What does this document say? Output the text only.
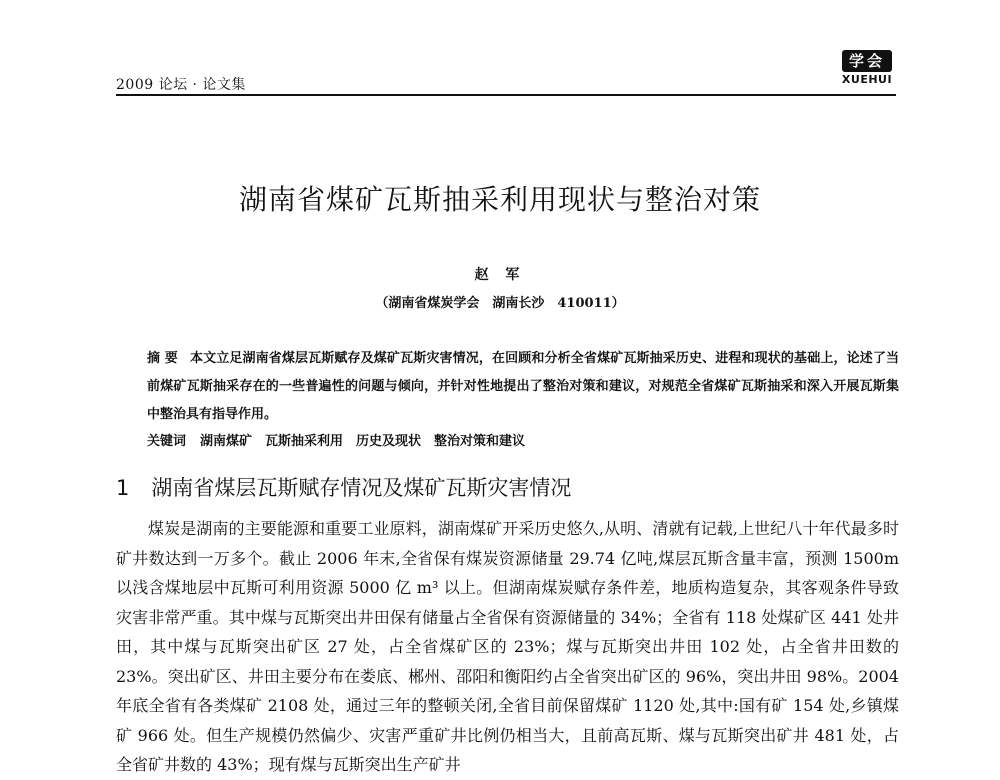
2009 论坛 · 论文集
学会
XUEHUI
湖南省煤矿瓦斯抽采利用现状与整治对策
赵 军
（湖南省煤炭学会　湖南长沙　410011）
摘 要 本文立足湖南省煤层瓦斯赋存及煤矿瓦斯灾害情况，在回顾和分析全省煤矿瓦斯抽采历史、进程和现状的基础上，论述了当前煤矿瓦斯抽采存在的一些普遍性的问题与倾向，并针对性地提出了整治对策和建议，对规范全省煤矿瓦斯抽采和深入开展瓦斯集中整治具有指导作用。
关键词 湖南煤矿　瓦斯抽采利用　历史及现状　整治对策和建议
1 湖南省煤层瓦斯赋存情况及煤矿瓦斯灾害情况
煤炭是湖南的主要能源和重要工业原料，湖南煤矿开采历史悠久,从明、清就有记载,上世纪八十年代最多时矿井数达到一万多个。截止 2006 年末,全省保有煤炭资源储量 29.74 亿吨,煤层瓦斯含量丰富，预测 1500m 以浅含煤地层中瓦斯可利用资源 5000 亿 m³ 以上。但湖南煤炭赋存条件差，地质构造复杂，其客观条件导致灾害非常严重。其中煤与瓦斯突出井田保有储量占全省保有资源储量的 34%；全省有 118 处煤矿区 441 处井田，其中煤与瓦斯突出矿区 27 处，占全省煤矿区的 23%；煤与瓦斯突出井田 102 处，占全省井田数的 23%。突出矿区、井田主要分布在娄底、郴州、邵阳和衡阳约占全省突出矿区的 96%，突出井田 98%。2004 年底全省有各类煤矿 2108 处，通过三年的整顿关闭,全省目前保留煤矿 1120 处,其中:国有矿 154 处,乡镇煤矿 966 处。但生产规模仍然偏少、灾害严重矿井比例仍相当大，且前高瓦斯、煤与瓦斯突出矿井 481 处，占全省矿井数的 43%；现有煤与瓦斯突出生产矿井
